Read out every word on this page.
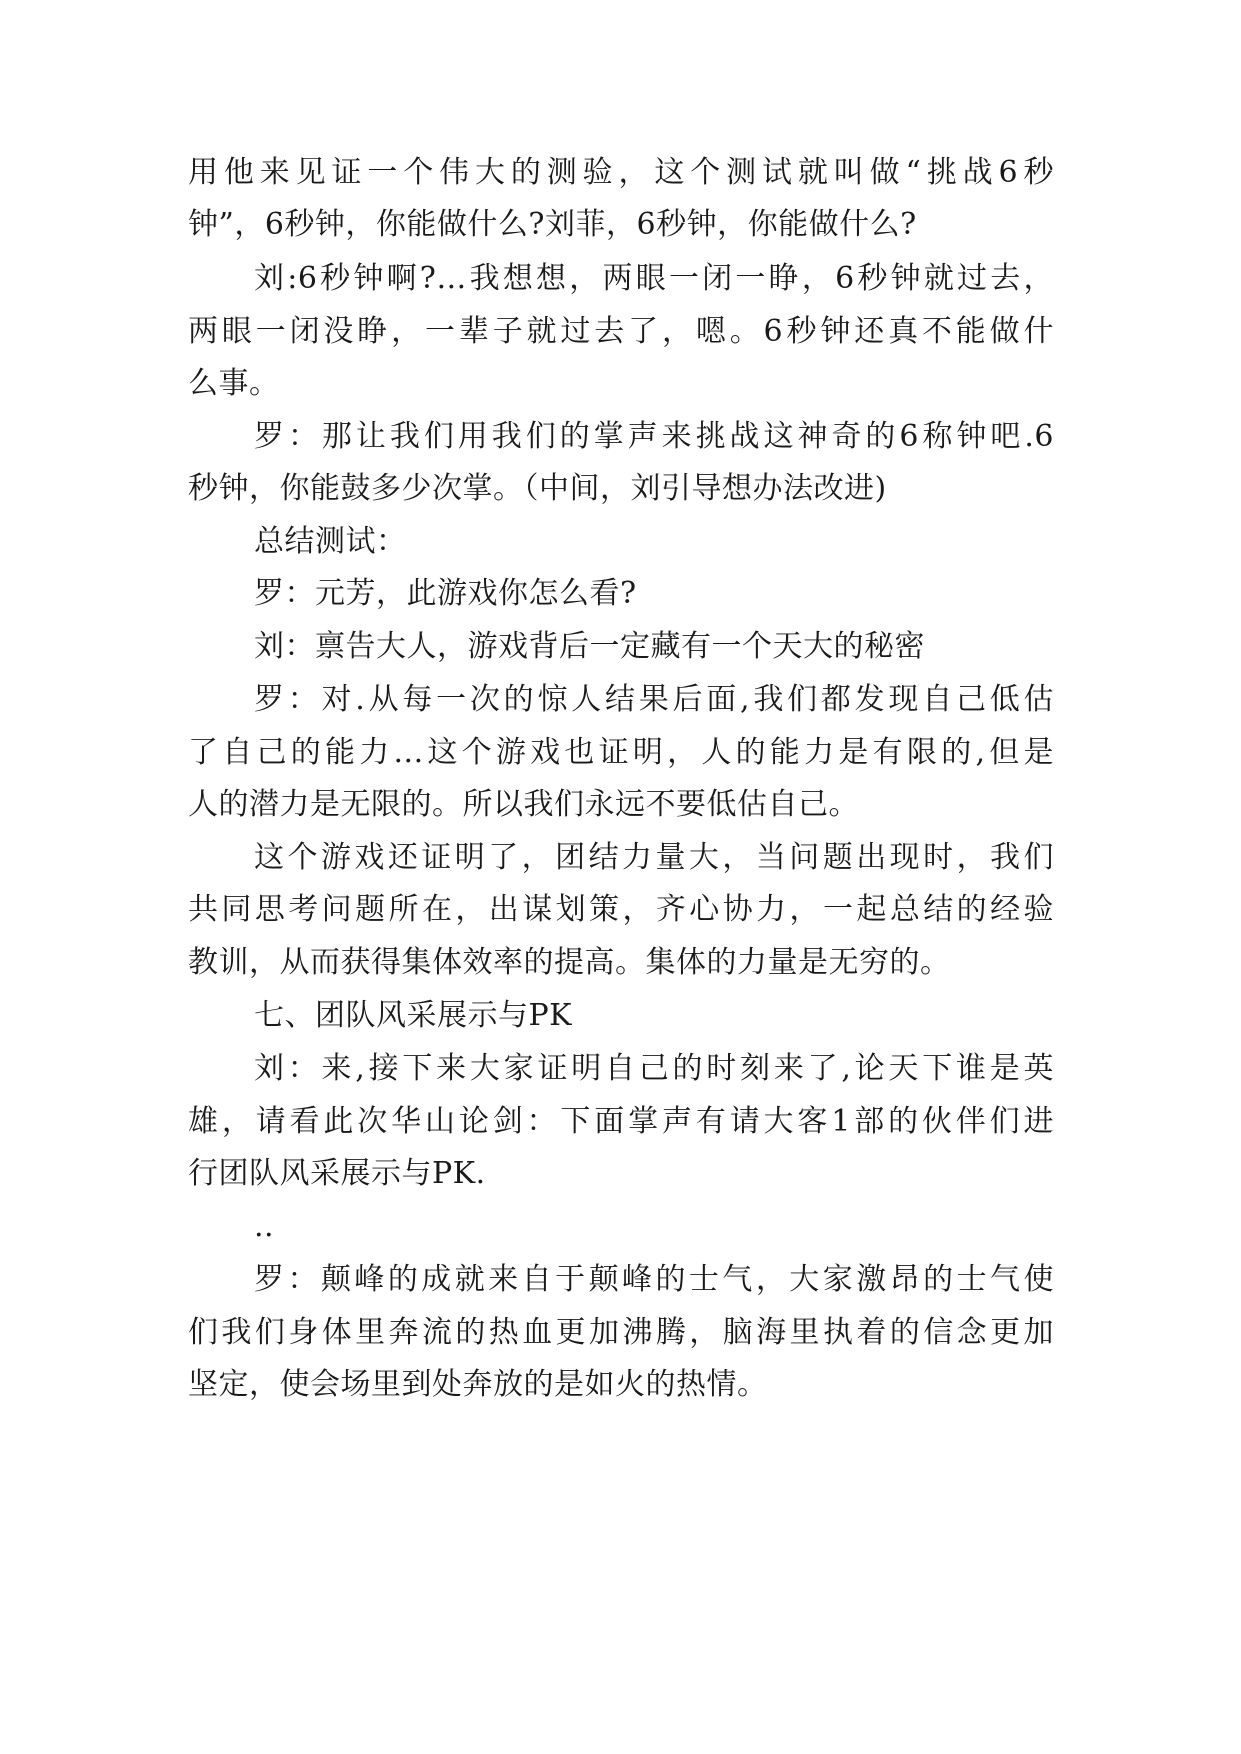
用他来见证一个伟大的测验，这个测试就叫做“挑战6秒
钟”，6秒钟，你能做什么?刘菲，6秒钟，你能做什么?
刘:6秒钟啊?…我想想，两眼一闭一睁，6秒钟就过去，
两眼一闭没睁，一辈子就过去了，嗯。6秒钟还真不能做什
么事。
罗：那让我们用我们的掌声来挑战这神奇的6称钟吧.6
秒钟，你能鼓多少次掌。（中间，刘引导想办法改进)
总结测试：
罗：元芳，此游戏你怎么看?
刘：禀告大人，游戏背后一定藏有一个天大的秘密
罗：对.从每一次的惊人结果后面,我们都发现自己低估
了自己的能力...这个游戏也证明，人的能力是有限的,但是
人的潜力是无限的。所以我们永远不要低估自己。
这个游戏还证明了，团结力量大，当问题出现时，我们
共同思考问题所在，出谋划策，齐心协力，一起总结的经验
教训，从而获得集体效率的提高。集体的力量是无穷的。
七、团队风采展示与PK
刘：来,接下来大家证明自己的时刻来了,论天下谁是英
雄，请看此次华山论剑：下面掌声有请大客1部的伙伴们进
行团队风采展示与PK.
..
罗：颠峰的成就来自于颠峰的士气，大家激昂的士气使
们我们身体里奔流的热血更加沸腾，脑海里执着的信念更加
坚定，使会场里到处奔放的是如火的热情。
